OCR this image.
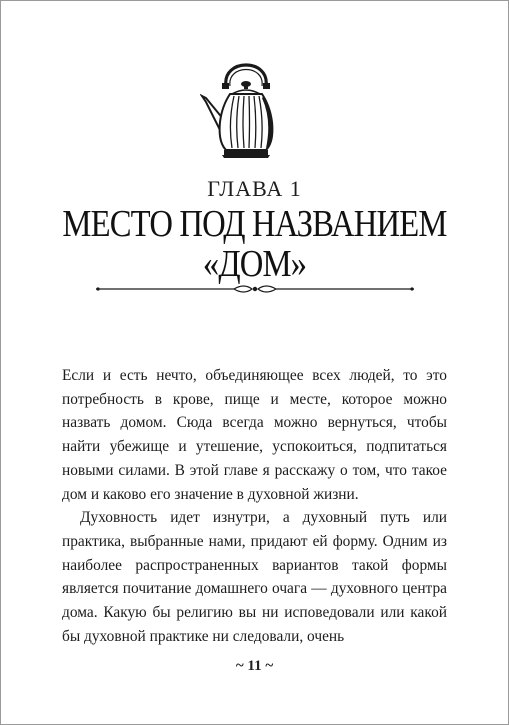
ГЛАВА 1
МЕСТО ПОД НАЗВАНИЕМ
«ДОМ»

Если и есть нечто, объединяющее всех людей, то это потребность в крове, пище и месте, которое можно назвать домом. Сюда всегда можно вернуться, чтобы найти убежище и утешение, успокоиться, подпитаться новыми силами. В этой главе я расскажу о том, что такое дом и каково его значение в духовной жизни.

Духовность идет изнутри, а духовный путь или практика, выбранные нами, придают ей форму. Одним из наиболее распространенных вариантов такой формы является почитание домашнего очага — духовного центра дома. Какую бы религию вы ни исповедовали или какой бы духовной практике ни следовали, очень

~ 11 ~
